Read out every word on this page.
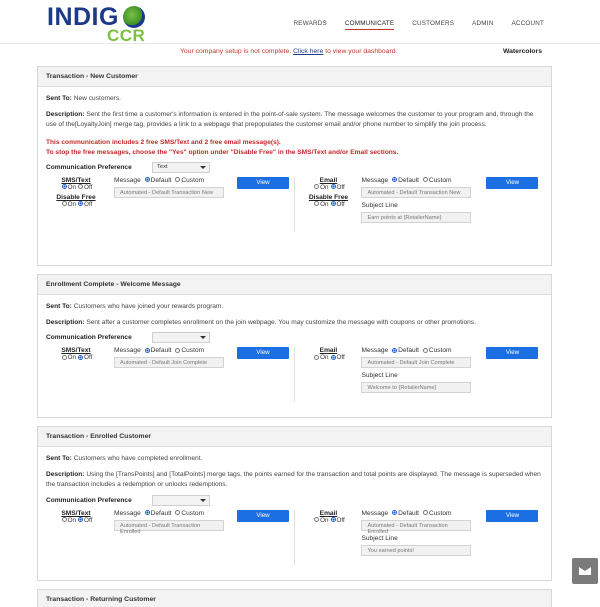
INDIG
CCR
REWARDS	COMMUNICATE	CUSTOMERS	ADMIN	ACCOUNT
Your company setup is not complete. Click here to view your dashboard.	Watercolors
Transaction - New Customer
Sent To: New customers.
Description: Sent the first time a customer's information is entered in the point-of-sale system. The message welcomes the customer to your program and, through the use of the[LoyaltyJoin] merge tag, provides a link to a webpage that prepopulates the customer email and/or phone number to simplify the join process.
This communication includes 2 free SMS/Text and 2 free email message(s).
To stop the free messages, choose the "Yes" option under "Disable Free" in the SMS/Text and/or Email sections.
Communication Preference	Text
SMS/Text
On Off
Disable Free
On Off
Message Default Custom
Automated - Default Transaction New
View	Email
On Off
Disable Free
On Off
Message Default Custom
Automated - Default Transaction New
Subject Line
Earn points at {RetailerName}
View
Enrollment Complete - Welcome Message
Sent To: Customers who have joined your rewards program.
Description: Sent after a customer completes enrollment on the join webpage. You may customize the message with coupons or other promotions.
Communication Preference
SMS/Text
On Off
Message Default Custom
Automated - Default Join Complete
View	Email
On Off
Message Default Custom
Automated - Default Join Complete
Subject Line
Welcome to {RetailerName}
View
Transaction - Enrolled Customer
Sent To: Customers who have completed enrollment.
Description: Using the [TransPoints] and [TotalPoints] merge tags, the points earned for the transaction and total points are displayed. The message is superseded when the transaction includes a redemption or unlocks redemptions.
Communication Preference
SMS/Text
On Off
Message Default Custom
Automated - Default Transaction Enrolled
View	Email
On Off
Message Default Custom
Automated - Default Transaction Enrolled
Subject Line
You earned points!
View
Transaction - Returning Customer
